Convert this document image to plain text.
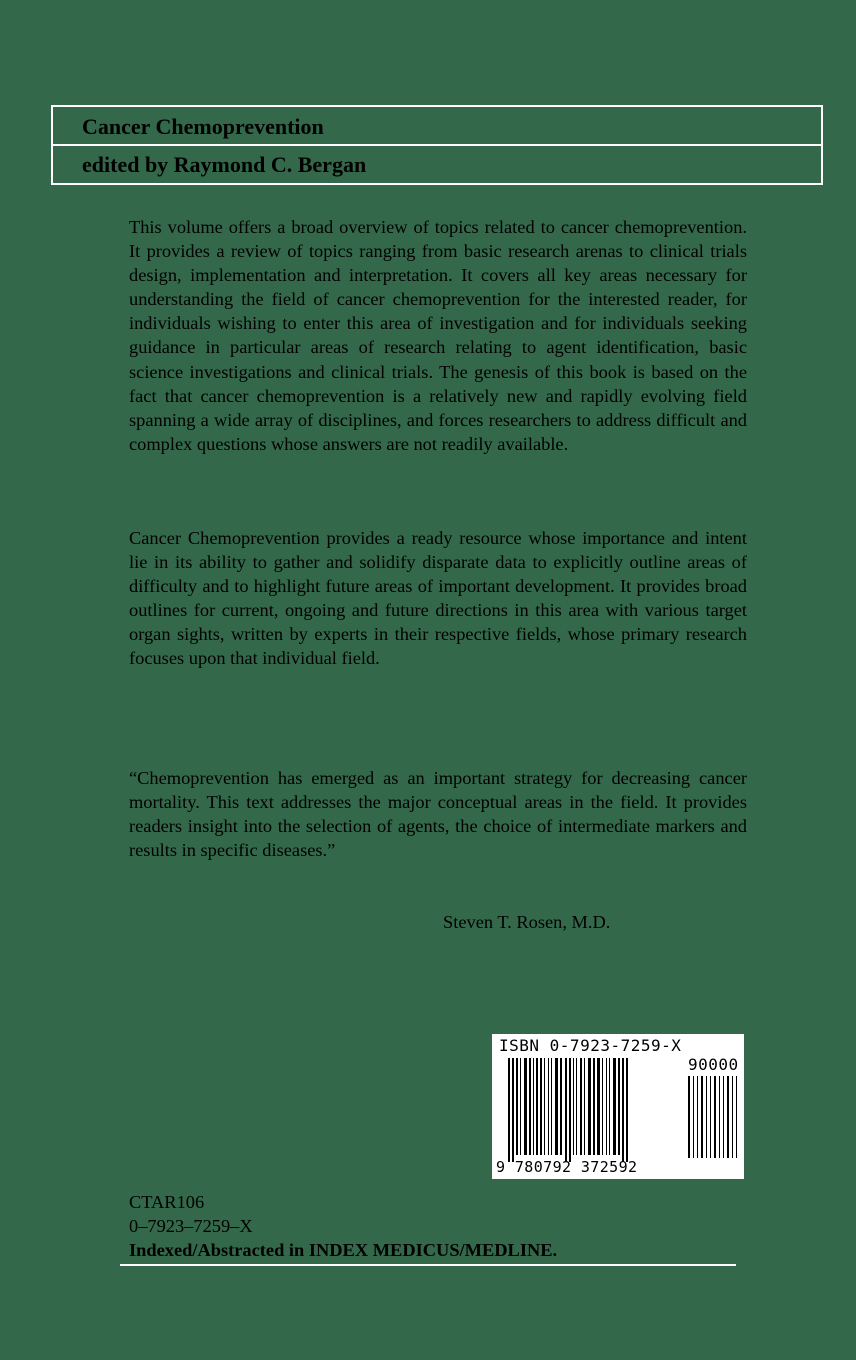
Cancer Chemoprevention
edited by Raymond C. Bergan

This volume offers a broad overview of topics related to cancer chemoprevention. It provides a review of topics ranging from basic research arenas to clinical trials design, implementation and interpretation. It covers all key areas necessary for understanding the field of cancer chemoprevention for the interested reader, for individuals wishing to enter this area of investigation and for individuals seeking guidance in particular areas of research relating to agent identification, basic science investigations and clinical trials. The genesis of this book is based on the fact that cancer chemoprevention is a relatively new and rapidly evolving field spanning a wide array of disciplines, and forces researchers to address difficult and complex questions whose answers are not readily available.

Cancer Chemoprevention provides a ready resource whose importance and intent lie in its ability to gather and solidify disparate data to explicitly outline areas of difficulty and to highlight future areas of important development. It provides broad outlines for current, ongoing and future directions in this area with various target organ sights, written by experts in their respective fields, whose primary research focuses upon that individual field.

“Chemoprevention has emerged as an important strategy for decreasing cancer mortality. This text addresses the major conceptual areas in the field. It provides readers insight into the selection of agents, the choice of intermediate markers and results in specific diseases.”

Steven T. Rosen, M.D.
ISBN 0-7923-7259-X
90000
9 780792 372592
CTAR106
0–7923–7259–X
Indexed/Abstracted in INDEX MEDICUS/MEDLINE.
